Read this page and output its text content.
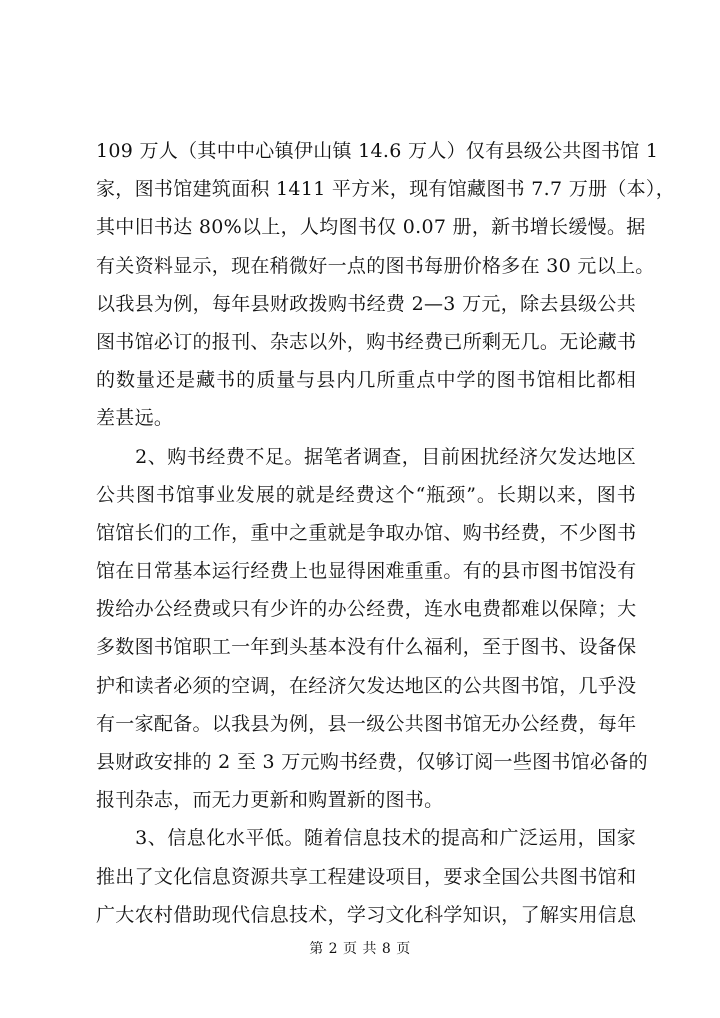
109 万人（其中中心镇伊山镇 14.6 万人）仅有县级公共图书馆 1
家，图书馆建筑面积 1411 平方米，现有馆藏图书 7.7 万册（本），
其中旧书达 80%以上，人均图书仅 0.07 册，新书增长缓慢。据
有关资料显示，现在稍微好一点的图书每册价格多在 30 元以上。
以我县为例，每年县财政拨购书经费 2—3 万元，除去县级公共
图书馆必订的报刊、杂志以外，购书经费已所剩无几。无论藏书
的数量还是藏书的质量与县内几所重点中学的图书馆相比都相
差甚远。
　　2、购书经费不足。据笔者调查，目前困扰经济欠发达地区
公共图书馆事业发展的就是经费这个“瓶颈”。长期以来，图书
馆馆长们的工作，重中之重就是争取办馆、购书经费，不少图书
馆在日常基本运行经费上也显得困难重重。有的县市图书馆没有
拨给办公经费或只有少许的办公经费，连水电费都难以保障；大
多数图书馆职工一年到头基本没有什么福利，至于图书、设备保
护和读者必须的空调，在经济欠发达地区的公共图书馆，几乎没
有一家配备。以我县为例，县一级公共图书馆无办公经费，每年
县财政安排的 2 至 3 万元购书经费，仅够订阅一些图书馆必备的
报刊杂志，而无力更新和购置新的图书。
　　3、信息化水平低。随着信息技术的提高和广泛运用，国家
推出了文化信息资源共享工程建设项目，要求全国公共图书馆和
广大农村借助现代信息技术，学习文化科学知识，了解实用信息
第 2 页 共 8 页
